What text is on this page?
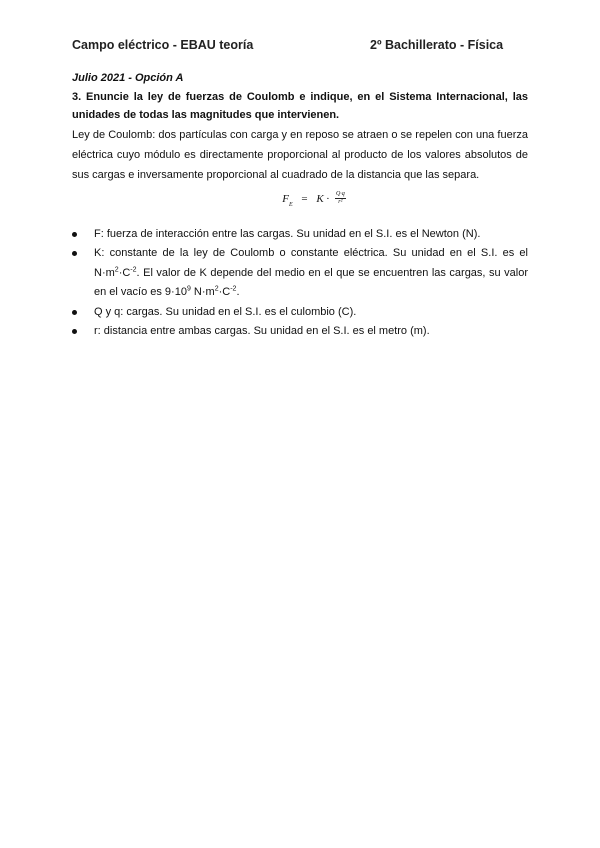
Campo eléctrico - EBAU teoría	2º Bachillerato - Física

Julio 2021 - Opción A

3. Enuncie la ley de fuerzas de Coulomb e indique, en el Sistema Internacional, las unidades de todas las magnitudes que intervienen.

Ley de Coulomb: dos partículas con carga y en reposo se atraen o se repelen con una fuerza eléctrica cuyo módulo es directamente proporcional al producto de los valores absolutos de sus cargas e inversamente proporcional al cuadrado de la distancia que las separa.

$F_E = K \cdot \frac{Q\cdot q}{\text{r²}}$
F: fuerza de interacción entre las cargas. Su unidad en el S.I. es el Newton (N).
K: constante de la ley de Coulomb o constante eléctrica. Su unidad en el S.I. es el $N\cdot m^2\cdot C^{-2}$. El valor de K depende del medio en el que se encuentren las cargas, su valor en el vacío es $9\cdot 10^9$ $N\cdot m^2\cdot C^{-2}$.
Q y q: cargas. Su unidad en el S.I. es el culombio (C).
r: distancia entre ambas cargas. Su unidad en el S.I. es el metro (m).
